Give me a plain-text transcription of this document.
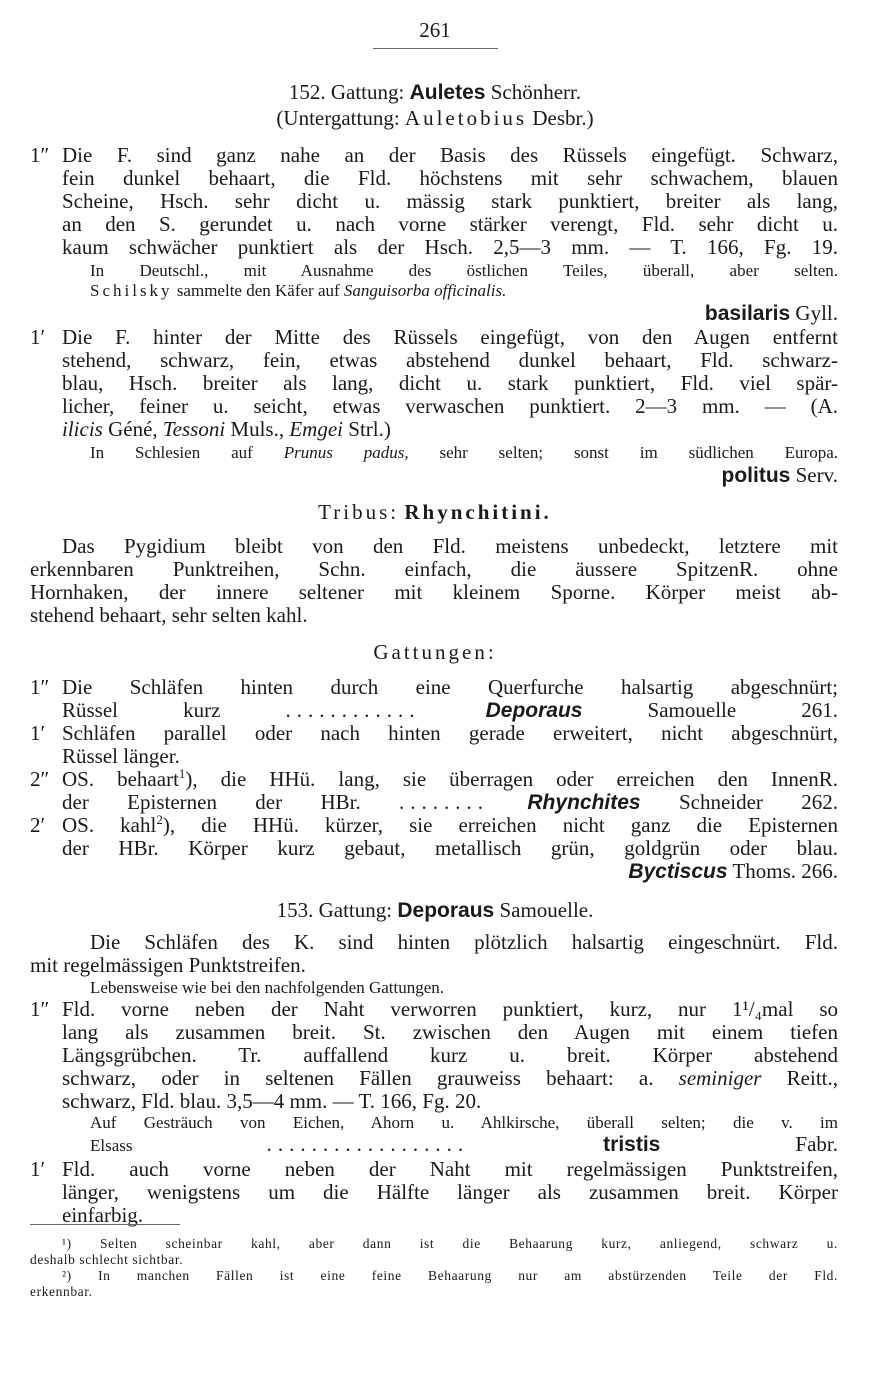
261
152. Gattung: Auletes Schönherr.
(Untergattung: Auletobius Desbr.)
1″ Die F. sind ganz nahe an der Basis des Rüssels eingefügt. Schwarz,
fein dunkel behaart, die Fld. höchstens mit sehr schwachem, blauen
Scheine, Hsch. sehr dicht u. mässig stark punktiert, breiter als lang,
an den S. gerundet u. nach vorne stärker verengt, Fld. sehr dicht u.
kaum schwächer punktiert als der Hsch. 2,5—3 mm. — T. 166, Fg. 19.
In Deutschl., mit Ausnahme des östlichen Teiles, überall, aber selten.
Schilsky sammelte den Käfer auf Sanguisorba officinalis.
basilaris Gyll.
1′ Die F. hinter der Mitte des Rüssels eingefügt, von den Augen entfernt
stehend, schwarz, fein, etwas abstehend dunkel behaart, Fld. schwarz-
blau, Hsch. breiter als lang, dicht u. stark punktiert, Fld. viel spär-
licher, feiner u. seicht, etwas verwaschen punktiert. 2—3 mm. — (A.
ilicis Géné, Tessoni Muls., Emgei Strl.)
In Schlesien auf Prunus padus, sehr selten; sonst im südlichen Europa.
politus Serv.
Tribus: Rhynchitini.
Das Pygidium bleibt von den Fld. meistens unbedeckt, letztere mit
erkennbaren Punktreihen, Schn. einfach, die äussere SpitzenR. ohne
Hornhaken, der innere seltener mit kleinem Sporne. Körper meist ab-
stehend behaart, sehr selten kahl.
Gattungen:
1″ Die Schläfen hinten durch eine Querfurche halsartig abgeschnürt;
Rüssel kurz	............	Deporaus	Samouelle 261.
1′ Schläfen parallel oder nach hinten gerade erweitert, nicht abgeschnürt,
Rüssel länger.
2″ OS. behaart$^1$), die HHü. lang, sie überragen oder erreichen den InnenR.
der Episternen der HBr. ........ Rhynchites Schneider 262.
2′ OS. kahl$^2$), die HHü. kürzer, sie erreichen nicht ganz die Episternen
der HBr. Körper kurz gebaut, metallisch grün, goldgrün oder blau.
Byctiscus Thoms. 266.
153. Gattung: Deporaus Samouelle.
Die Schläfen des K. sind hinten plötzlich halsartig eingeschnürt. Fld.
mit regelmässigen Punktstreifen.
Lebensweise wie bei den nachfolgenden Gattungen.
1″ Fld. vorne neben der Naht verworren punktiert, kurz, nur 1¹/₄mal so
lang als zusammen breit. St. zwischen den Augen mit einem tiefen
Längsgrübchen. Tr. auffallend kurz u. breit. Körper abstehend
schwarz, oder in seltenen Fällen grauweiss behaart: a. seminiger Reitt.,
schwarz, Fld. blau. 3,5—4 mm. — T. 166, Fg. 20.
Auf Gesträuch von Eichen, Ahorn u. Ahlkirsche, überall selten; die v. im
Elsass	..................	tristis	Fabr.
1′ Fld. auch vorne neben der Naht mit regelmässigen Punktstreifen,
länger, wenigstens um die Hälfte länger als zusammen breit. Körper
einfarbig.
¹) Selten scheinbar kahl, aber dann ist die Behaarung kurz, anliegend, schwarz u.
deshalb schlecht sichtbar.
²) In manchen Fällen ist eine feine Behaarung nur am abstürzenden Teile der Fld.
erkennbar.
